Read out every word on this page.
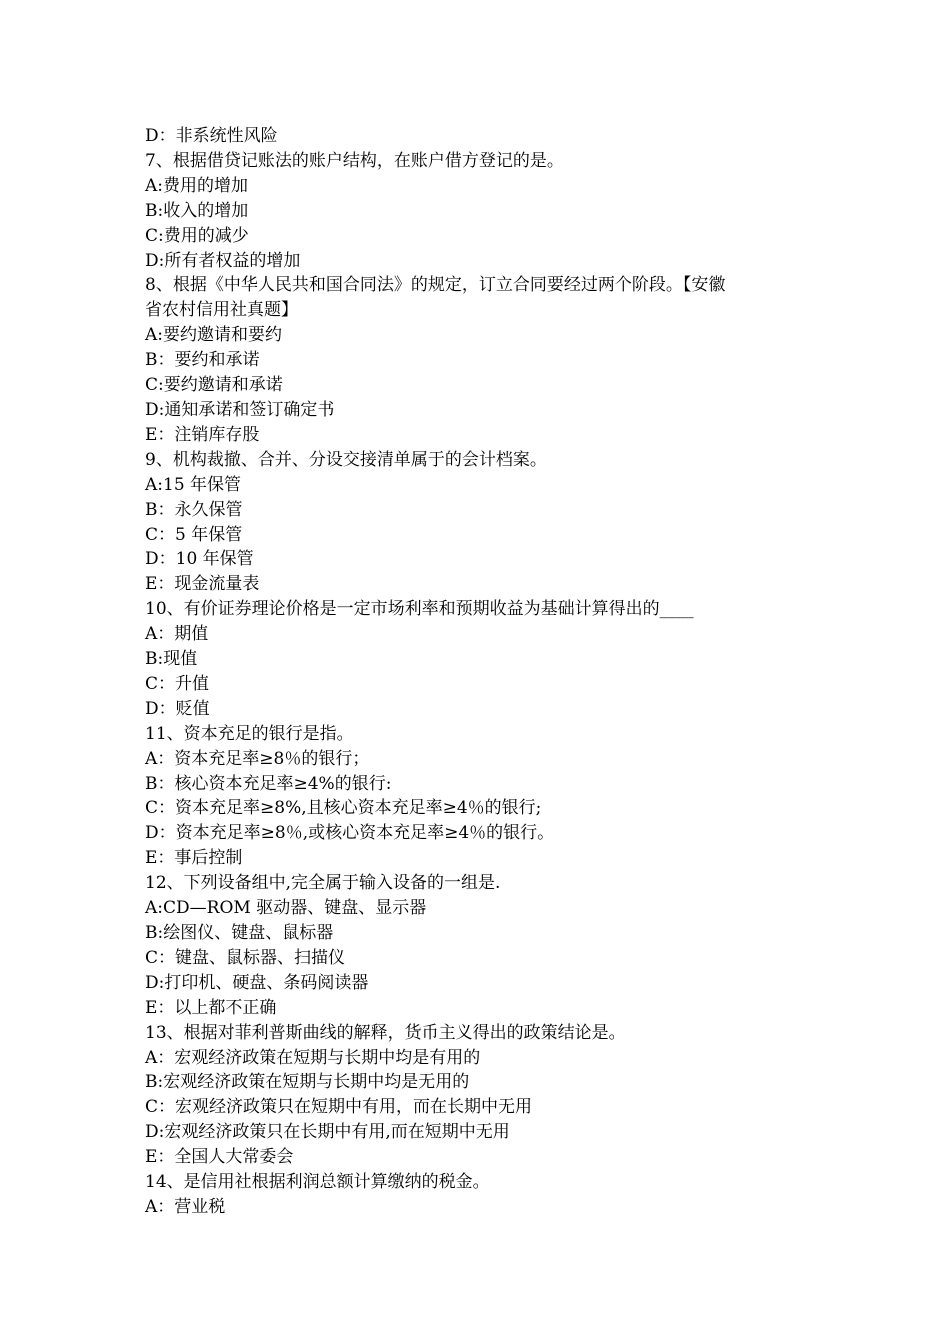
D：非系统性风险

7、根据借贷记账法的账户结构，在账户借方登记的是。

A:费用的增加

B:收入的增加

C:费用的减少

D:所有者权益的增加

8、根据《中华人民共和国合同法》的规定，订立合同要经过两个阶段。【安徽

省农村信用社真题】

A:要约邀请和要约

B：要约和承诺

C:要约邀请和承诺

D:通知承诺和签订确定书

E：注销库存股

9、机构裁撤、合并、分设交接清单属于的会计档案。

A:15 年保管

B：永久保管

C：5 年保管

D：10 年保管

E：现金流量表

10、有价证券理论价格是一定市场利率和预期收益为基础计算得出的____

A：期值

B:现值

C：升值

D：贬值

11、资本充足的银行是指。

A：资本充足率≥8％的银行；

B：核心资本充足率≥4%的银行:

C：资本充足率≥8%,且核心资本充足率≥4％的银行;

D：资本充足率≥8％,或核心资本充足率≥4％的银行。

E：事后控制

12、下列设备组中,完全属于输入设备的一组是.

A:CD—ROM 驱动器、键盘、显示器

B:绘图仪、键盘、鼠标器

C：键盘、鼠标器、扫描仪

D:打印机、硬盘、条码阅读器

E：以上都不正确

13、根据对菲利普斯曲线的解释，货币主义得出的政策结论是。

A：宏观经济政策在短期与长期中均是有用的

B:宏观经济政策在短期与长期中均是无用的

C：宏观经济政策只在短期中有用，而在长期中无用

D:宏观经济政策只在长期中有用,而在短期中无用

E：全国人大常委会

14、是信用社根据利润总额计算缴纳的税金。

A：营业税
